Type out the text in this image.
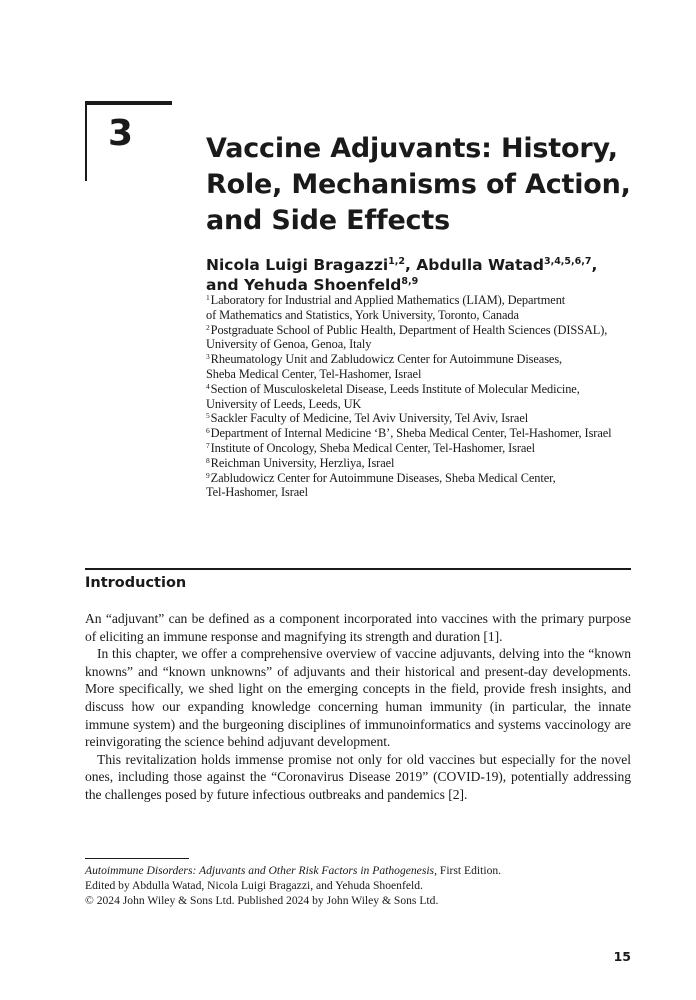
3	Vaccine Adjuvants: History,
Role, Mechanisms of Action,
and Side Effects

Nicola Luigi Bragazzi$^{1,2}$, Abdulla Watad$^{3,4,5,6,7}$,
and Yehuda Shoenfeld$^{8,9}$

$^1$Laboratory for Industrial and Applied Mathematics (LIAM), Department
of Mathematics and Statistics, York University, Toronto, Canada
$^2$Postgraduate School of Public Health, Department of Health Sciences (DISSAL),
University of Genoa, Genoa, Italy
$^3$Rheumatology Unit and Zabludowicz Center for Autoimmune Diseases,
Sheba Medical Center, Tel-Hashomer, Israel
$^4$Section of Musculoskeletal Disease, Leeds Institute of Molecular Medicine,
University of Leeds, Leeds, UK
$^5$Sackler Faculty of Medicine, Tel Aviv University, Tel Aviv, Israel
$^6$Department of Internal Medicine ‘B’, Sheba Medical Center, Tel-Hashomer, Israel
$^7$Institute of Oncology, Sheba Medical Center, Tel-Hashomer, Israel
$^8$Reichman University, Herzliya, Israel
$^9$Zabludowicz Center for Autoimmune Diseases, Sheba Medical Center,
Tel-Hashomer, Israel
Introduction

An “adjuvant” can be defined as a component incorporated into vaccines with the primary purpose of eliciting an immune response and magnifying its strength and duration [1].

In this chapter, we offer a comprehensive overview of vaccine adjuvants, delving into the “known knowns” and “known unknowns” of adjuvants and their historical and present-day developments. More specifically, we shed light on the emerging concepts in the field, provide fresh insights, and discuss how our expanding knowledge concerning human immunity (in particular, the innate immune system) and the burgeoning disciplines of immunoinformatics and systems vaccinology are reinvigorating the science behind adjuvant development.

This revitalization holds immense promise not only for old vaccines but especially for the novel ones, including those against the “Coronavirus Disease 2019” (COVID-19), potentially addressing the challenges posed by future infectious outbreaks and pandemics [2].

Autoimmune Disorders: Adjuvants and Other Risk Factors in Pathogenesis, First Edition.
Edited by Abdulla Watad, Nicola Luigi Bragazzi, and Yehuda Shoenfeld.
© 2024 John Wiley & Sons Ltd. Published 2024 by John Wiley & Sons Ltd.

15
